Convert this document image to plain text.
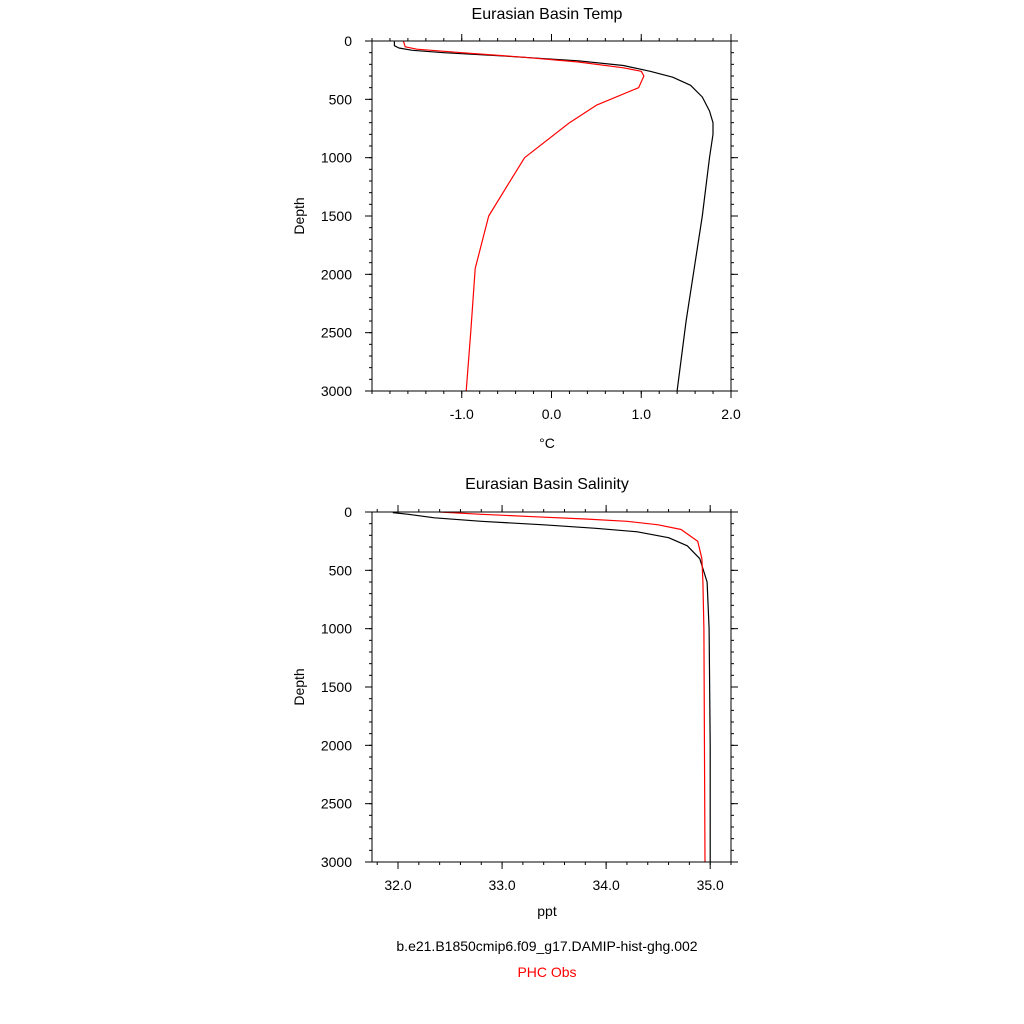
Eurasian Basin Temp
-1.0	0.0	1.0	2.0
0
500
1000
1500
2000
2500
3000
°C
Depth
Eurasian Basin Salinity
32.0	33.0	34.0	35.0
0
500
1000
1500
2000
2500
3000
ppt
Depth
b.e21.B1850cmip6.f09_g17.DAMIP-hist-ghg.002
PHC Obs
